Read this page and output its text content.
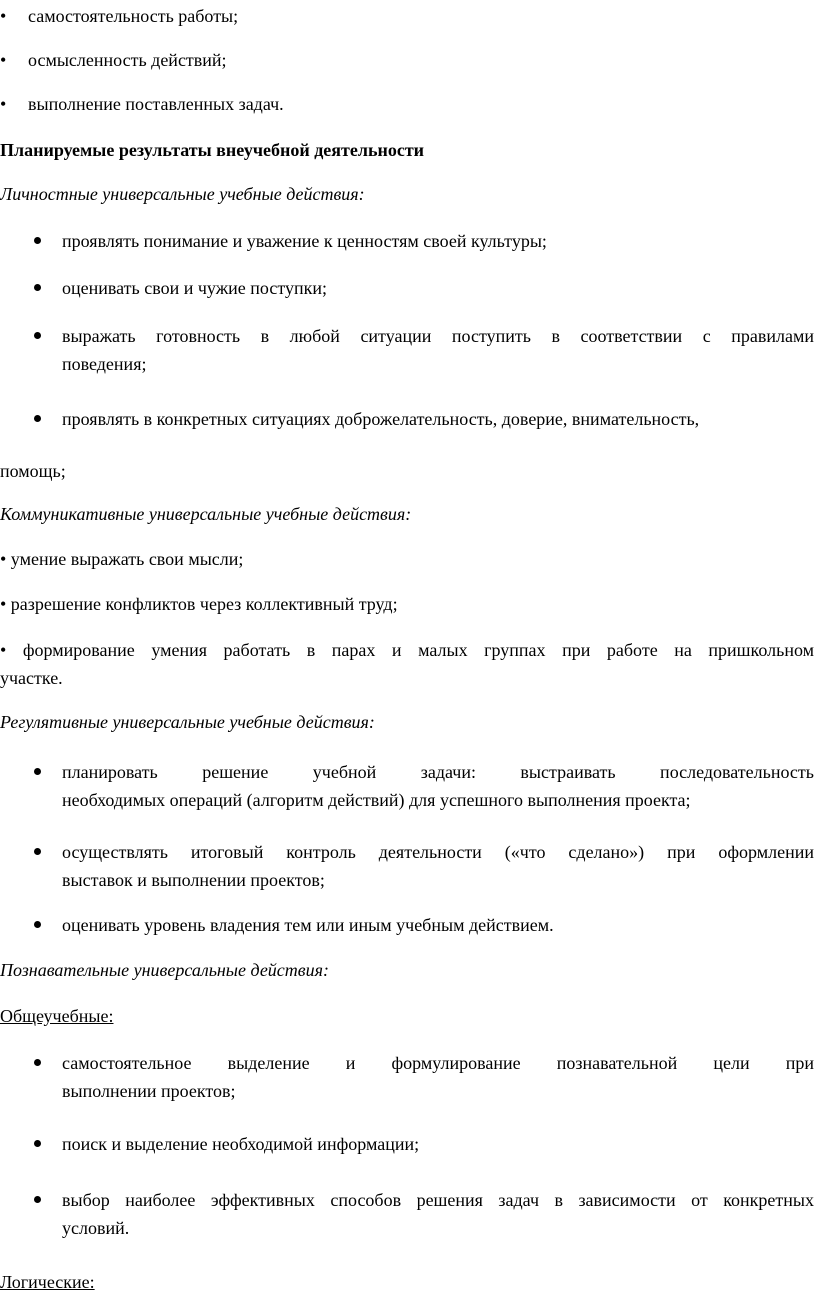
• самостоятельность работы;
• осмысленность действий;
• выполнение поставленных задач.
Планируемые результаты внеучебной деятельности
Личностные универсальные учебные действия:
проявлять понимание и уважение к ценностям своей культуры;
оценивать свои и чужие поступки;
выражать готовность в любой ситуации поступить в соответствии с правилами
поведения;
проявлять в конкретных ситуациях доброжелательность, доверие, внимательность,
помощь;
Коммуникативные универсальные учебные действия:
• умение выражать свои мысли;
• разрешение конфликтов через коллективный труд;
• формирование умения работать в парах и малых группах при работе на пришкольном
участке.
Регулятивные универсальные учебные действия:
планировать решение учебной задачи: выстраивать последовательность
необходимых операций (алгоритм действий) для успешного выполнения проекта;
осуществлять итоговый контроль деятельности («что сделано») при оформлении
выставок и выполнении проектов;
оценивать уровень владения тем или иным учебным действием.
Познавательные универсальные действия:
Общеучебные:
самостоятельное выделение и формулирование познавательной цели при
выполнении проектов;
поиск и выделение необходимой информации;
выбор наиболее эффективных способов решения задач в зависимости от конкретных
условий.
Логические:
